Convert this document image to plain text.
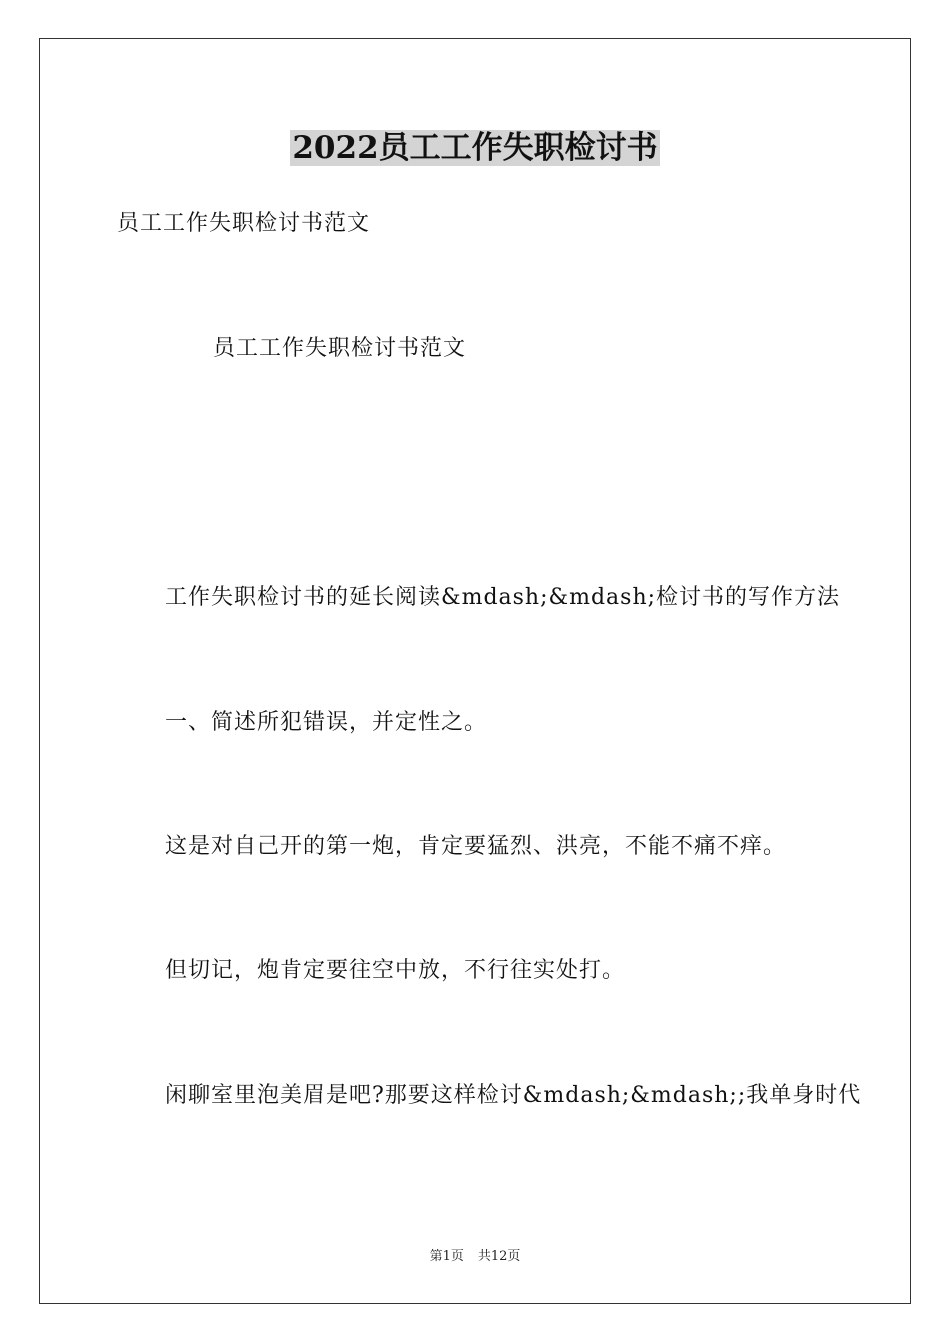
2022员工工作失职检讨书
员工工作失职检讨书范文
员工工作失职检讨书范文
工作失职检讨书的延长阅读&mdash;&mdash;检讨书的写作方法
一、简述所犯错误，并定性之。
这是对自己开的第一炮，肯定要猛烈、洪亮，不能不痛不痒。
但切记，炮肯定要往空中放，不行往实处打。
闲聊室里泡美眉是吧?那要这样检讨&mdash;&mdash;;我单身时代
第1页 共12页
